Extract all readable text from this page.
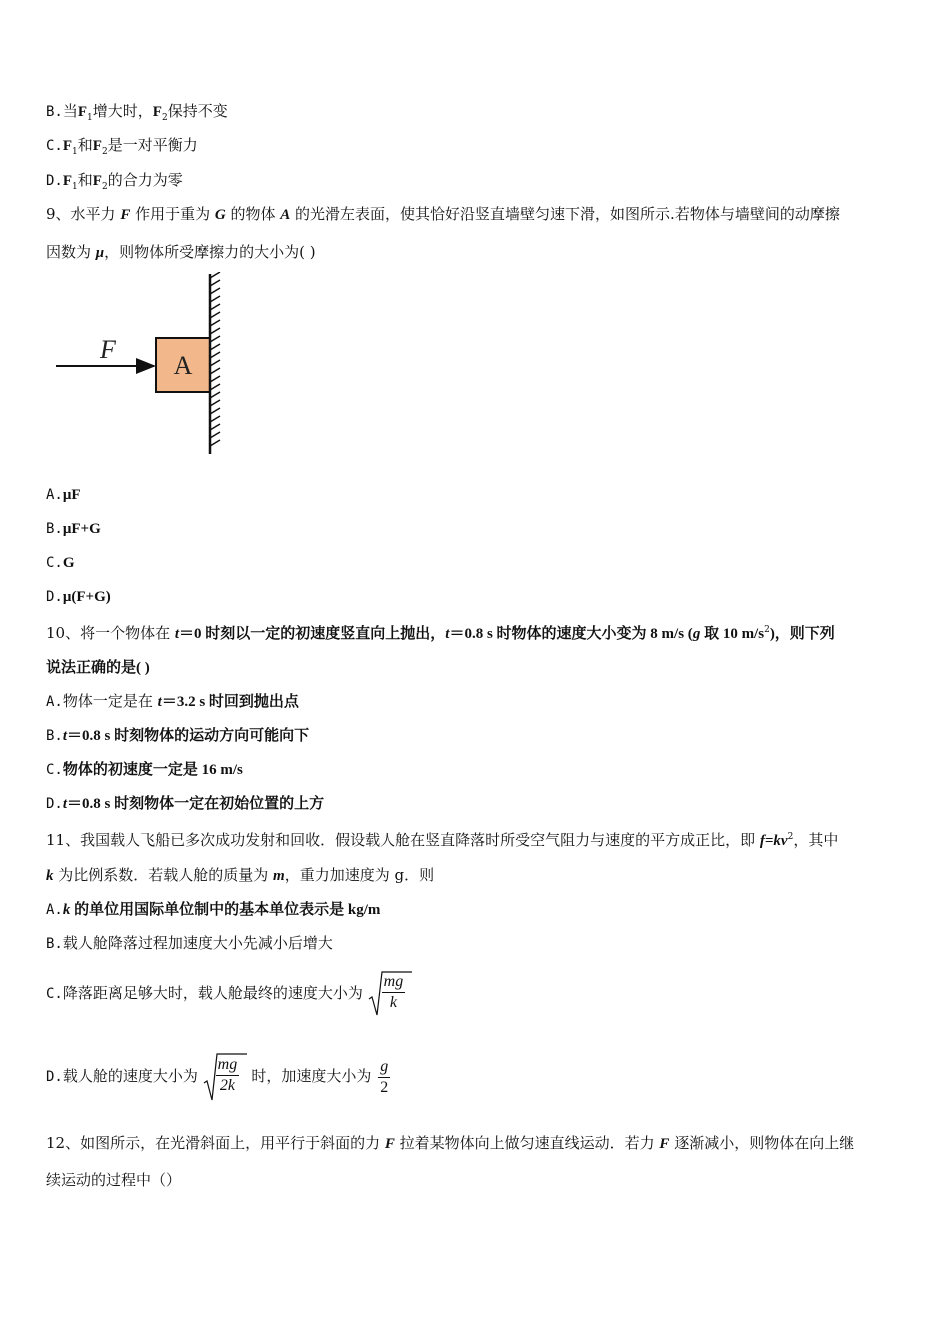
B.当$F_1$增大时，$F_2$保持不变
$C.F_1$和$F_2$是一对平衡力
$D.F_1$和$F_2$的合力为零
9、水平力 F 作用于重为 G 的物体 A 的光滑左表面，使其恰好沿竖直墙壁匀速下滑，如图所示.若物体与墙壁间的动摩擦
因数为 μ，则物体所受摩擦力的大小为( )
F
A
A.μF
B.μF+G
C.G
D.μ(F+G)
10、将一个物体在 t＝0 时刻以一定的初速度竖直向上抛出，t＝0.8 s 时物体的速度大小变为 8 m/s (g 取 10 $m/s^2$)，则下列
说法正确的是( )
A.物体一定是在 t＝3.2 s 时回到抛出点
B.t＝0.8 s 时刻物体的运动方向可能向下
C.物体的初速度一定是 16 m/s
D.t＝0.8 s 时刻物体一定在初始位置的上方
11、我国载人飞船已多次成功发射和回收．假设载人舱在竖直降落时所受空气阻力与速度的平方成正比，即 $f=kv^2$，其中
k 为比例系数．若载人舱的质量为 m，重力加速度为 g．则
A.k 的单位用国际单位制中的基本单位表示是 kg/m
B.载人舱降落过程加速度大小先减小后增大
C.降落距离足够大时，载人舱最终的速度大小为 $\frac{mg}{k}$
D.载人舱的速度大小为 $\frac{mg}{2k}$ 时，加速度大小为 $\frac{g}{2}$
12、如图所示，在光滑斜面上，用平行于斜面的力 F 拉着某物体向上做匀速直线运动．若力 F 逐渐减小，则物体在向上继
续运动的过程中（）
